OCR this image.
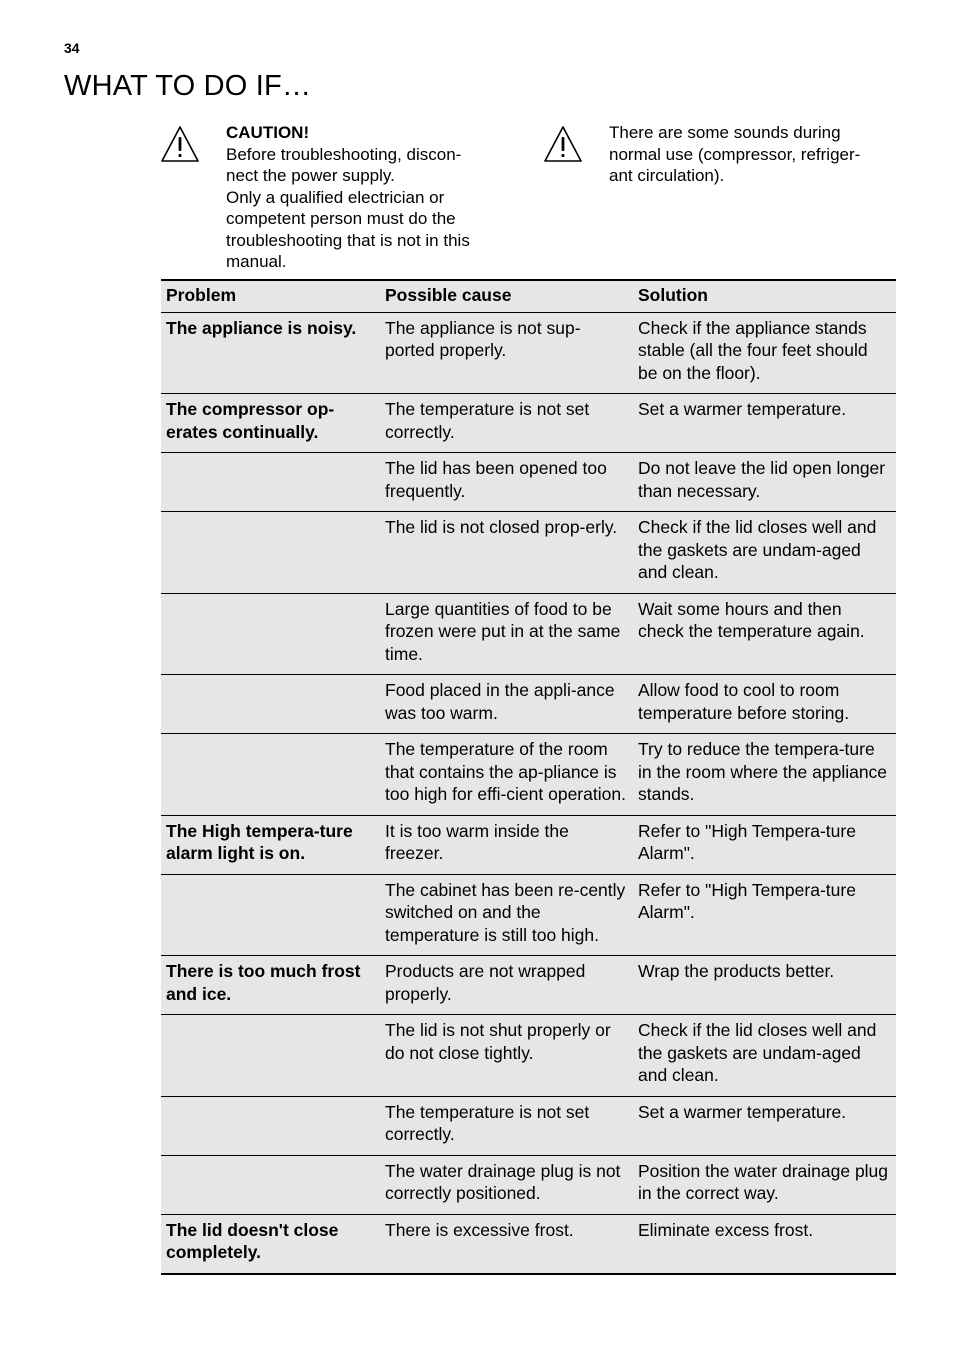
34
WHAT TO DO IF…
CAUTION!
Before troubleshooting, discon-
nect the power supply.
Only a qualified electrician or
competent person must do the
troubleshooting that is not in this
manual.
There are some sounds during
normal use (compressor, refriger-
ant circulation).
Problem	Possible cause	Solution
The appliance is noisy.	The appliance is not sup-ported properly.	Check if the appliance stands stable (all the four feet should be on the floor).
The compressor op-erates continually.	The temperature is not set correctly.	Set a warmer temperature.
	The lid has been opened too frequently.	Do not leave the lid open longer than necessary.
	The lid is not closed prop-erly.	Check if the lid closes well and the gaskets are undam-aged and clean.
	Large quantities of food to be frozen were put in at the same time.	Wait some hours and then check the temperature again.
	Food placed in the appli-ance was too warm.	Allow food to cool to room temperature before storing.
	The temperature of the room that contains the ap-pliance is too high for effi-cient operation.	Try to reduce the tempera-ture in the room where the appliance stands.
The High tempera-ture alarm light is on.	It is too warm inside the freezer.	Refer to "High Tempera-ture Alarm".
	The cabinet has been re-cently switched on and the temperature is still too high.	Refer to "High Tempera-ture Alarm".
There is too much frost and ice.	Products are not wrapped properly.	Wrap the products better.
	The lid is not shut properly or do not close tightly.	Check if the lid closes well and the gaskets are undam-aged and clean.
	The temperature is not set correctly.	Set a warmer temperature.
	The water drainage plug is not correctly positioned.	Position the water drainage plug in the correct way.
The lid doesn't close completely.	There is excessive frost.	Eliminate excess frost.
